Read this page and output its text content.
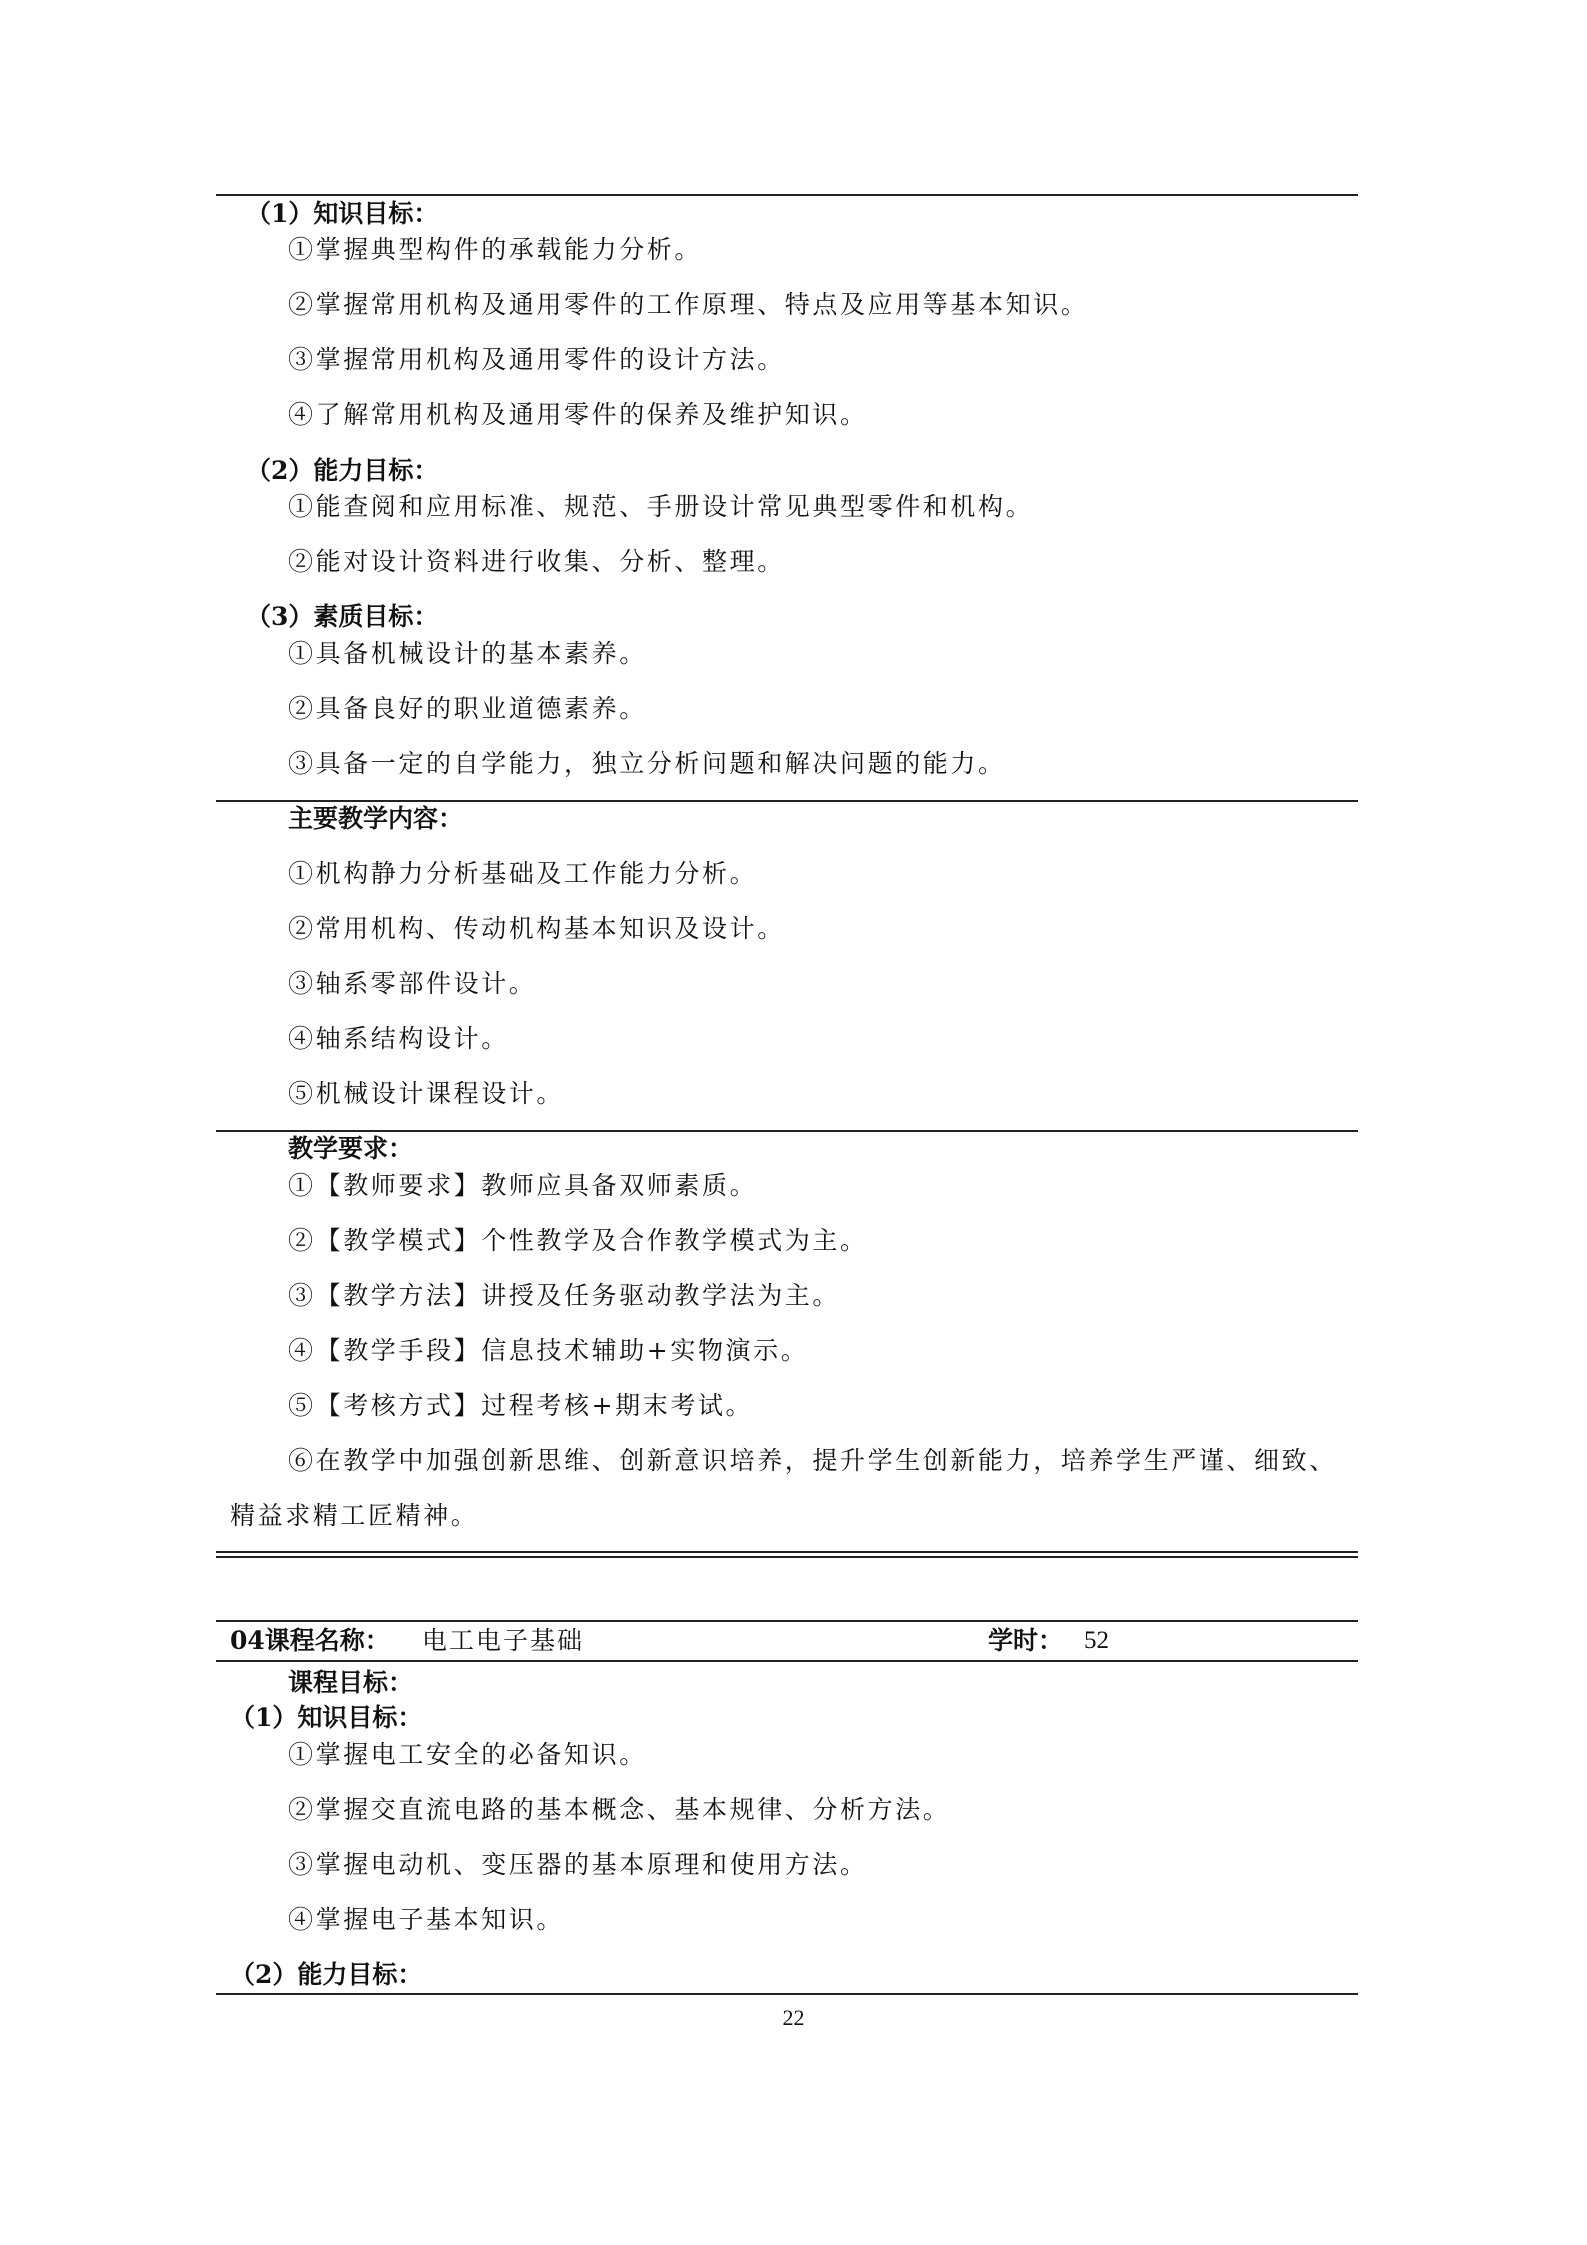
（1）知识目标：
①掌握典型构件的承载能力分析。
②掌握常用机构及通用零件的工作原理、特点及应用等基本知识。
③掌握常用机构及通用零件的设计方法。
④了解常用机构及通用零件的保养及维护知识。
（2）能力目标：
①能查阅和应用标准、规范、手册设计常见典型零件和机构。
②能对设计资料进行收集、分析、整理。
（3）素质目标：
①具备机械设计的基本素养。
②具备良好的职业道德素养。
③具备一定的自学能力，独立分析问题和解决问题的能力。
主要教学内容：
①机构静力分析基础及工作能力分析。
②常用机构、传动机构基本知识及设计。
③轴系零部件设计。
④轴系结构设计。
⑤机械设计课程设计。
教学要求：
①【教师要求】教师应具备双师素质。
②【教学模式】个性教学及合作教学模式为主。
③【教学方法】讲授及任务驱动教学法为主。
④【教学手段】信息技术辅助+实物演示。
⑤【考核方式】过程考核+期末考试。
⑥在教学中加强创新思维、创新意识培养，提升学生创新能力，培养学生严谨、细致、
精益求精工匠精神。
04课程名称： 电工电子基础	学时： 52
课程目标：
（1）知识目标：
①掌握电工安全的必备知识。
②掌握交直流电路的基本概念、基本规律、分析方法。
③掌握电动机、变压器的基本原理和使用方法。
④掌握电子基本知识。
（2）能力目标：
22
